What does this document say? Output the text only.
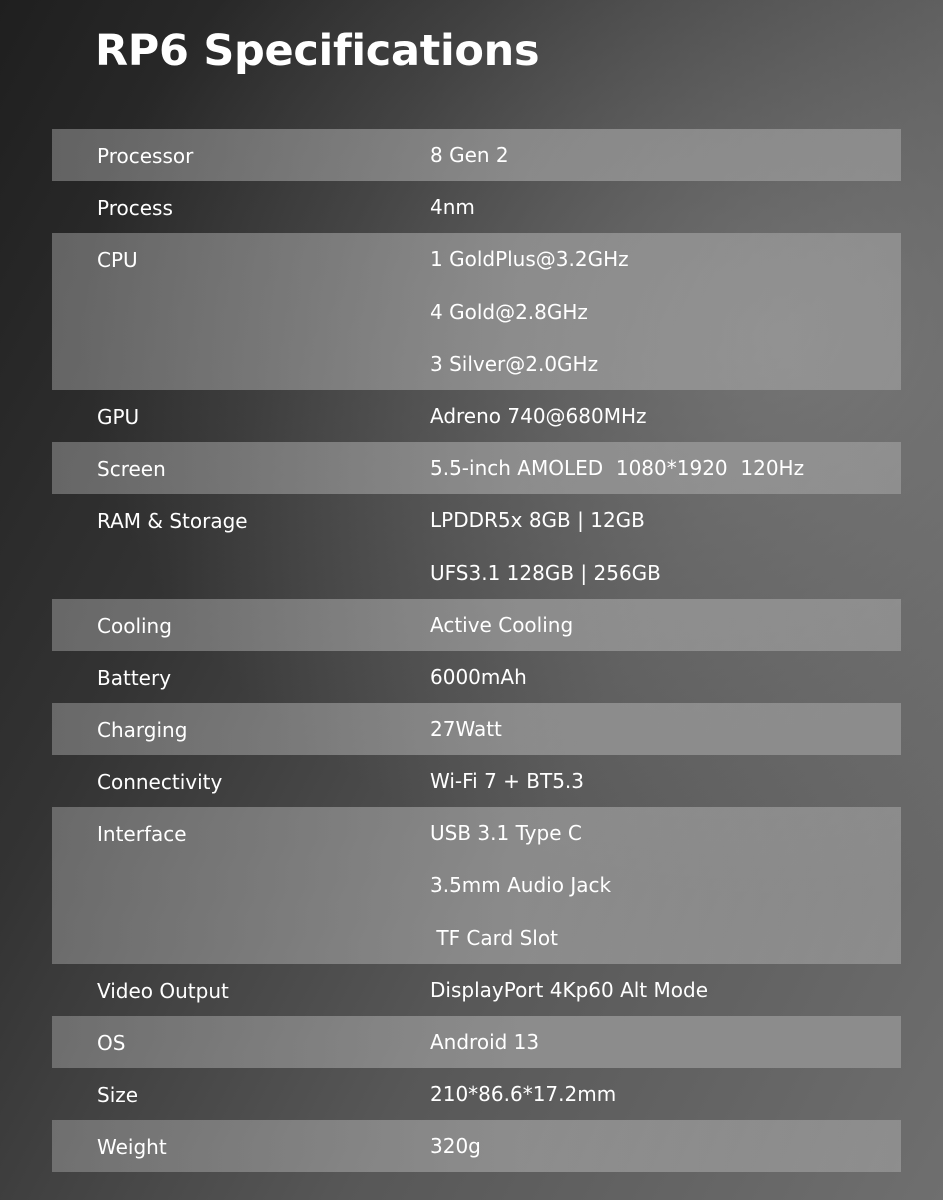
RP6 Specifications
Processor	8 Gen 2
Process	4nm
CPU	1 GoldPlus@3.2GHz
4 Gold@2.8GHz
3 Silver@2.0GHz
GPU	Adreno 740@680MHz
Screen	5.5-inch AMOLED  1080*1920  120Hz
RAM & Storage	LPDDR5x 8GB | 12GB
UFS3.1 128GB | 256GB
Cooling	Active Cooling
Battery	6000mAh
Charging	27Watt
Connectivity	Wi-Fi 7 + BT5.3
Interface	USB 3.1 Type C
3.5mm Audio Jack
TF Card Slot
Video Output	DisplayPort 4Kp60 Alt Mode
OS	Android 13
Size	210*86.6*17.2mm
Weight	320g
